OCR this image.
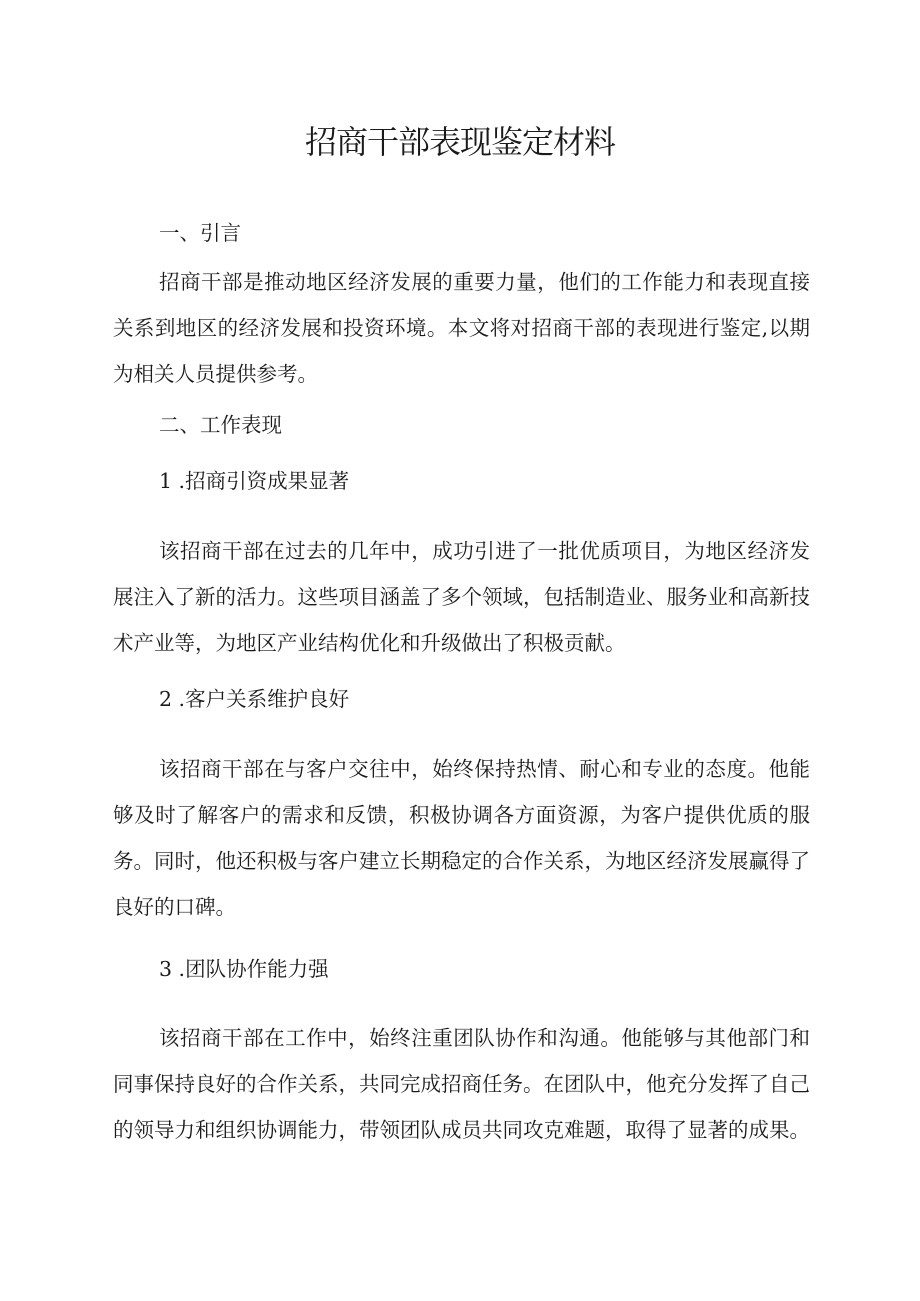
招商干部表现鉴定材料

一、引言

招商干部是推动地区经济发展的重要力量，他们的工作能力和表现直接关系到地区的经济发展和投资环境。本文将对招商干部的表现进行鉴定,以期为相关人员提供参考。

二、工作表现

1 .招商引资成果显著

该招商干部在过去的几年中，成功引进了一批优质项目，为地区经济发展注入了新的活力。这些项目涵盖了多个领域，包括制造业、服务业和高新技术产业等，为地区产业结构优化和升级做出了积极贡献。

2 .客户关系维护良好

该招商干部在与客户交往中，始终保持热情、耐心和专业的态度。他能够及时了解客户的需求和反馈，积极协调各方面资源，为客户提供优质的服务。同时，他还积极与客户建立长期稳定的合作关系，为地区经济发展赢得了良好的口碑。

3 .团队协作能力强

该招商干部在工作中，始终注重团队协作和沟通。他能够与其他部门和同事保持良好的合作关系，共同完成招商任务。在团队中，他充分发挥了自己的领导力和组织协调能力，带领团队成员共同攻克难题，取得了显著的成果。
